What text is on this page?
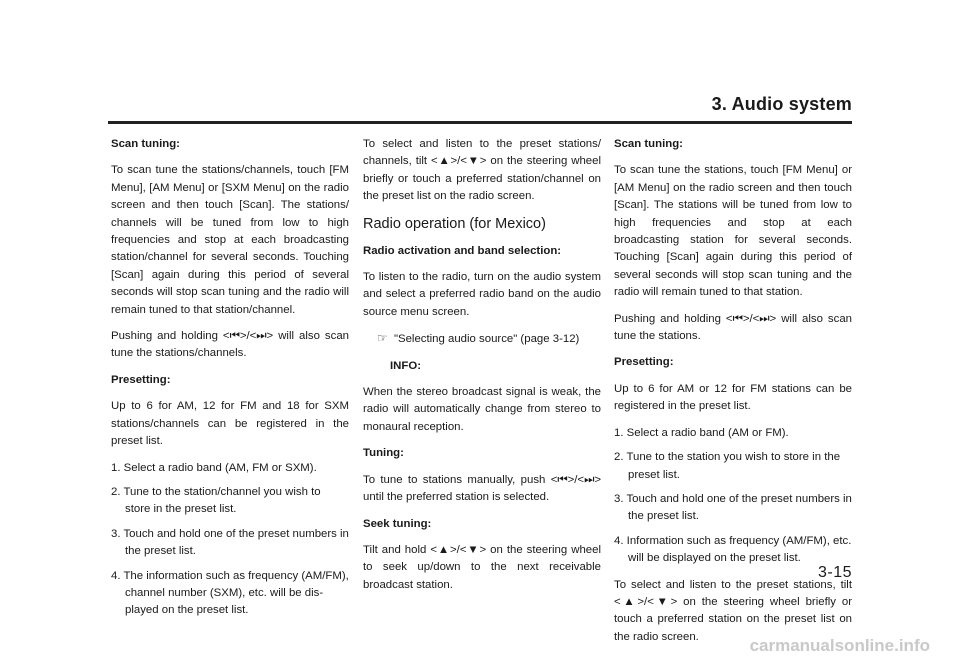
3. Audio system
Scan tuning:

To scan tune the stations/channels, touch [FM Menu], [AM Menu] or [SXM Menu] on the radio screen and then touch [Scan]. The stations/ channels will be tuned from low to high frequencies and stop at each broadcasting station/channel for several seconds. Touching [Scan] again during this period of several seconds will stop scan tuning and the radio will remain tuned to that station/channel.

Pushing and holding <⏮>/<⏭> will also scan tune the stations/channels.

Presetting:

Up to 6 for AM, 12 for FM and 18 for SXM stations/channels can be registered in the preset list.

1. Select a radio band (AM, FM or SXM).
2. Tune to the station/channel you wish to store in the preset list.
3. Touch and hold one of the preset numbers in the preset list.
4. The information such as frequency (AM/FM), channel number (SXM), etc. will be dis- played on the preset list.

To select and listen to the preset stations/ channels, tilt <▲>/<▼> on the steering wheel briefly or touch a preferred station/channel on the preset list on the radio screen.

Radio operation (for Mexico)
Radio activation and band selection:

To listen to the radio, turn on the audio system and select a preferred radio band on the audio source menu screen.

☞ "Selecting audio source" (page 3-12)
INFO:

When the stereo broadcast signal is weak, the radio will automatically change from stereo to monaural reception.

Tuning:

To tune to stations manually, push <⏮>/<⏭> until the preferred station is selected.

Seek tuning:

Tilt and hold <▲>/<▼> on the steering wheel to seek up/down to the next receivable broadcast station.

Scan tuning:

To scan tune the stations, touch [FM Menu] or [AM Menu] on the radio screen and then touch [Scan]. The stations will be tuned from low to high frequencies and stop at each broadcasting station for several seconds. Touching [Scan] again during this period of several seconds will stop scan tuning and the radio will remain tuned to that station.

Pushing and holding <⏮>/<⏭> will also scan tune the stations.

Presetting:

Up to 6 for AM or 12 for FM stations can be registered in the preset list.

1. Select a radio band (AM or FM).
2. Tune to the station you wish to store in the preset list.
3. Touch and hold one of the preset numbers in the preset list.
4. Information such as frequency (AM/FM), etc. will be displayed on the preset list.

To select and listen to the preset stations, tilt <▲>/<▼> on the steering wheel briefly or touch a preferred station on the preset list on the radio screen.

3-15
carmanualsonline.info
